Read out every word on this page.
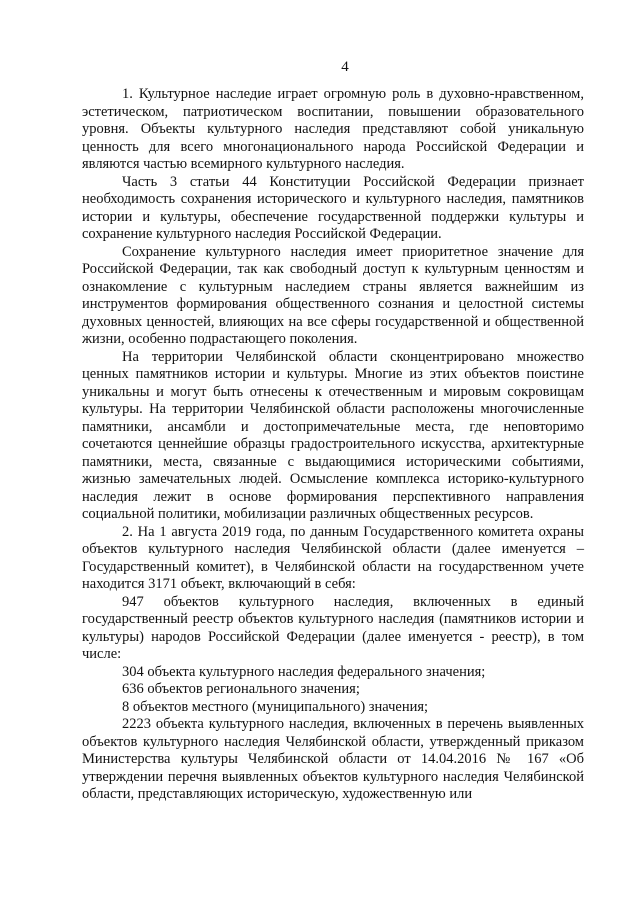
4

1. Культурное наследие играет огромную роль в духовно-нравственном, эстетическом, патриотическом воспитании, повышении образовательного уровня. Объекты культурного наследия представляют собой уникальную ценность для всего многонационального народа Российской Федерации и являются частью всемирного культурного наследия.

Часть 3 статьи 44 Конституции Российской Федерации признает необходимость сохранения исторического и культурного наследия, памятников истории и культуры, обеспечение государственной поддержки культуры и сохранение культурного наследия Российской Федерации.

Сохранение культурного наследия имеет приоритетное значение для Российской Федерации, так как свободный доступ к культурным ценностям и ознакомление с культурным наследием страны является важнейшим из инструментов формирования общественного сознания и целостной системы духовных ценностей, влияющих на все сферы государственной и общественной жизни, особенно подрастающего поколения.

На территории Челябинской области сконцентрировано множество ценных памятников истории и культуры. Многие из этих объектов поистине уникальны и могут быть отнесены к отечественным и мировым сокровищам культуры. На территории Челябинской области расположены многочисленные памятники, ансамбли и достопримечательные места, где неповторимо сочетаются ценнейшие образцы градостроительного искусства, архитектурные памятники, места, связанные с выдающимися историческими событиями, жизнью замечательных людей. Осмысление комплекса историко-культурного наследия лежит в основе формирования перспективного направления социальной политики, мобилизации различных общественных ресурсов.

2. На 1 августа 2019 года, по данным Государственного комитета охраны объектов культурного наследия Челябинской области (далее именуется – Государственный комитет), в Челябинской области на государственном учете находится 3171 объект, включающий в себя:

947 объектов культурного наследия, включенных в единый государственный реестр объектов культурного наследия (памятников истории и культуры) народов Российской Федерации (далее именуется - реестр), в том числе:

304 объекта культурного наследия федерального значения;

636 объектов регионального значения;

8 объектов местного (муниципального) значения;

2223 объекта культурного наследия, включенных в перечень выявленных объектов культурного наследия Челябинской области, утвержденный приказом Министерства культуры Челябинской области от 14.04.2016 № 167 «Об утверждении перечня выявленных объектов культурного наследия Челябинской области, представляющих историческую, художественную или
